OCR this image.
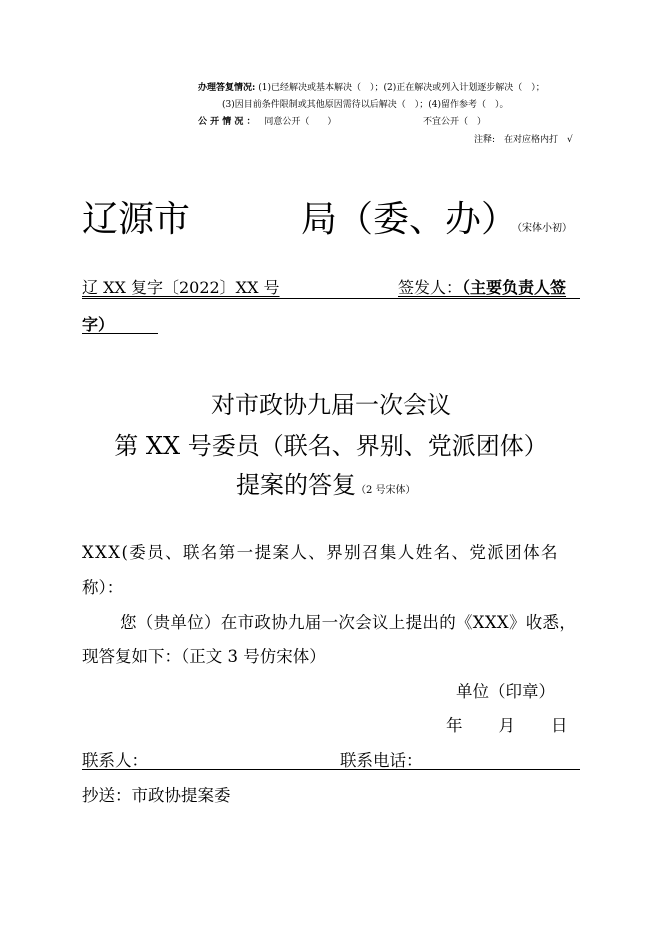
办理答复情况: (1)已经解决或基本解决（　）；(2)正在解决或列入计划逐步解决（　）；
(3)因目前条件限制或其他原因需待以后解决（　）；(4)留作参考（　）。
公 开 情 况 ： 同意公开（　　）	不宜公开（　）
注释:　在对应格内打　√
辽源市	局（委、办）（宋体小初）
辽 XX 复字〔2022〕XX 号	签发人：（主要负责人签
字）
对市政协九届一次会议
第 XX 号委员（联名、界别、党派团体）
提案的答复（2 号宋体）
XXX(委员、联名第一提案人、界别召集人姓名、党派团体名
称）：
您（贵单位）在市政协九届一次会议上提出的《XXX》收悉，
现答复如下：（正文 3 号仿宋体）
单位（印章）
年　　月　　日
联系人：	联系电话：
抄送：市政协提案委
